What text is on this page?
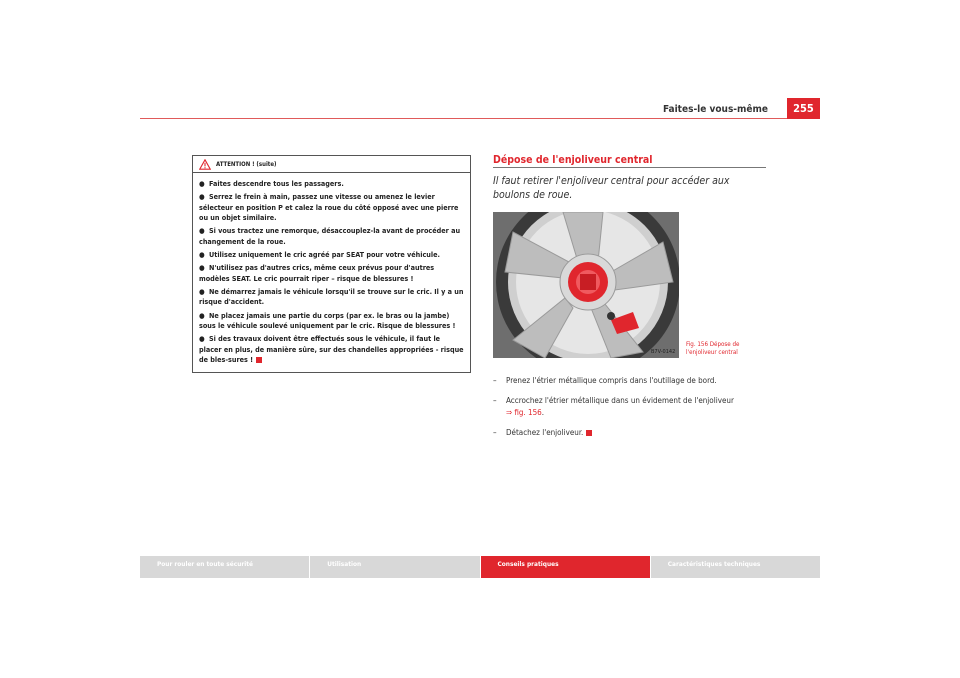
Faites-le vous-même	255
ATTENTION ! (suite)
● Faites descendre tous les passagers.
● Serrez le frein à main, passez une vitesse ou amenez le levier sélecteur en position P et calez la roue du côté opposé avec une pierre ou un objet similaire.
● Si vous tractez une remorque, désaccouplez-la avant de procéder au changement de la roue.
● Utilisez uniquement le cric agréé par SEAT pour votre véhicule.
● N'utilisez pas d'autres crics, même ceux prévus pour d'autres modèles SEAT. Le cric pourrait riper – risque de blessures !
● Ne démarrez jamais le véhicule lorsqu'il se trouve sur le cric. Il y a un risque d'accident.
● Ne placez jamais une partie du corps (par ex. le bras ou la jambe) sous le véhicule soulevé uniquement par le cric. Risque de blessures !
● Si des travaux doivent être effectués sous le véhicule, il faut le placer en plus, de manière sûre, sur des chandelles appropriées - risque de bles-sures !
Dépose de l'enjoliveur central
Il faut retirer l'enjoliveur central pour accéder aux boulons de roue.
B7V-0142
Fig. 156 Dépose de
l'enjoliveur central
–	Prenez l'étrier métallique compris dans l'outillage de bord.
–	Accrochez l'étrier métallique dans un évidement de l'enjoliveur
⇒ fig. 156.
–	Détachez l'enjoliveur.
Pour rouler en toute sécurité	Utilisation	Conseils pratiques	Caractéristiques techniques
